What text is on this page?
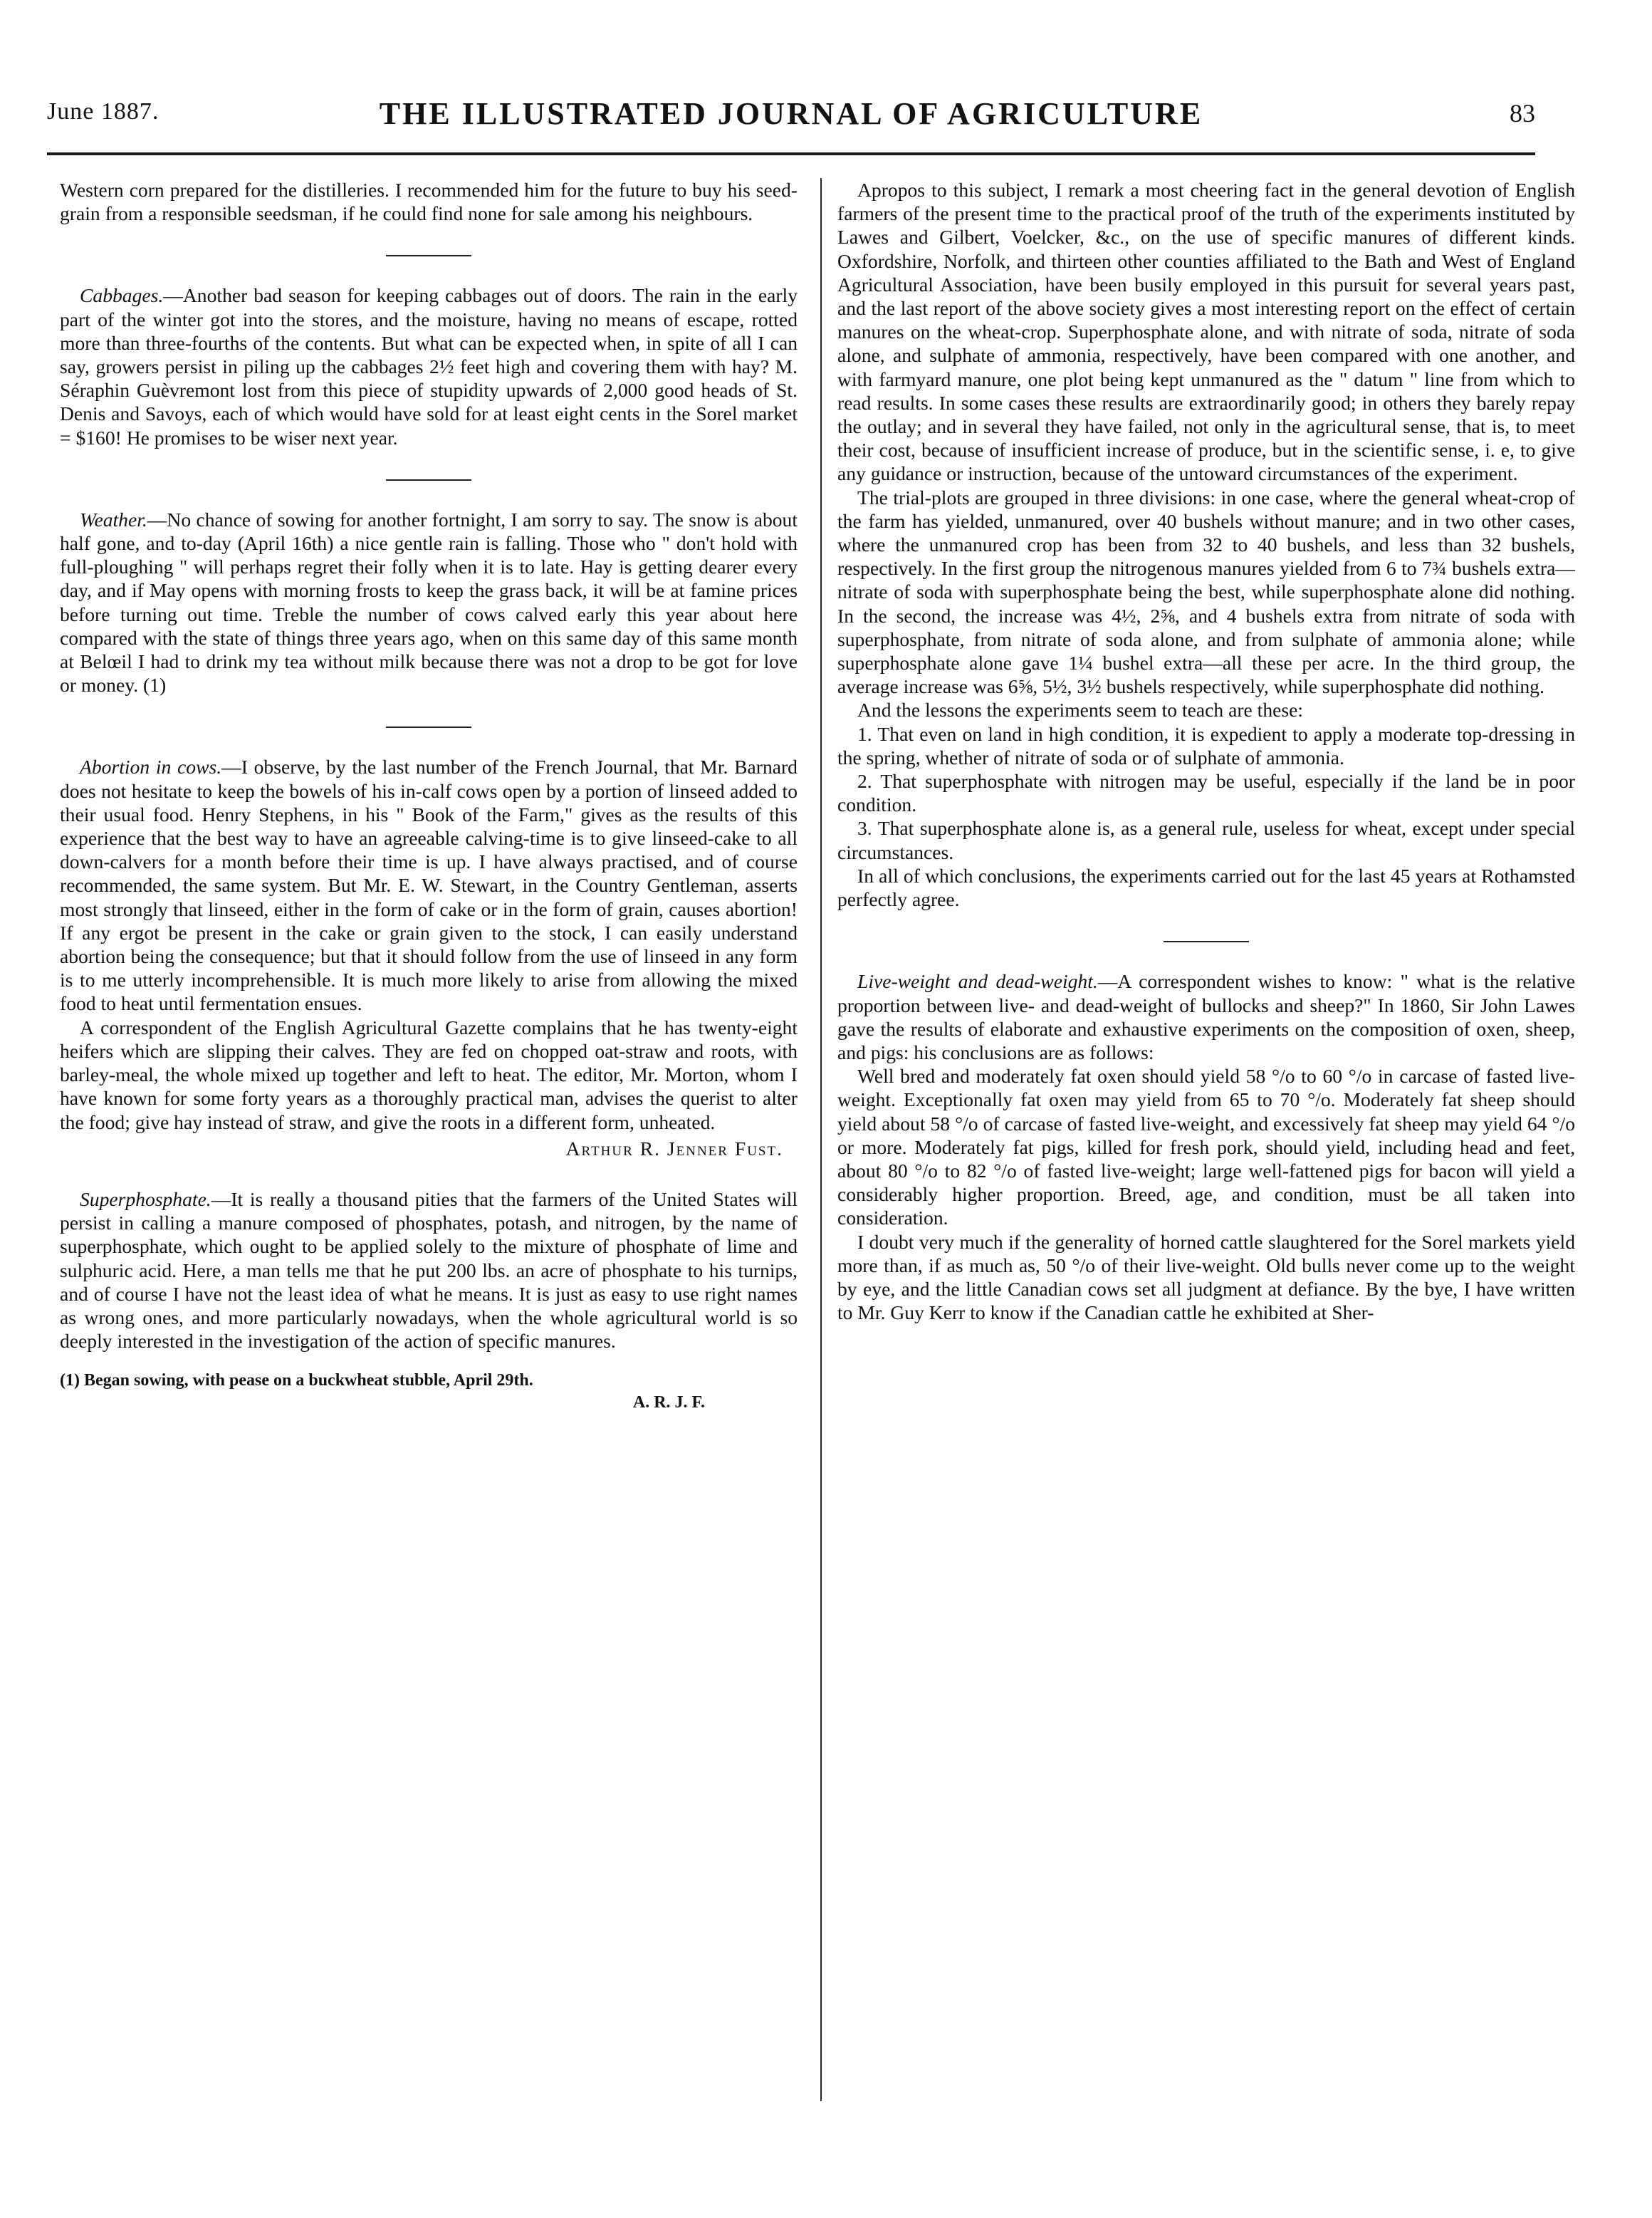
June 1887.	THE ILLUSTRATED JOURNAL OF AGRICULTURE	83

Western corn prepared for the distilleries. I recommended him for the future to buy his seed-grain from a responsible seedsman, if he could find none for sale among his neighbours.

Cabbages.—Another bad season for keeping cabbages out of doors. The rain in the early part of the winter got into the stores, and the moisture, having no means of escape, rotted more than three-fourths of the contents. But what can be expected when, in spite of all I can say, growers persist in piling up the cabbages 2½ feet high and covering them with hay? M. Séraphin Guèvremont lost from this piece of stupidity upwards of 2,000 good heads of St. Denis and Savoys, each of which would have sold for at least eight cents in the Sorel market = $160! He promises to be wiser next year.

Weather.—No chance of sowing for another fortnight, I am sorry to say. The snow is about half gone, and to-day (April 16th) a nice gentle rain is falling. Those who " don't hold with full-ploughing " will perhaps regret their folly when it is to late. Hay is getting dearer every day, and if May opens with morning frosts to keep the grass back, it will be at famine prices before turning out time. Treble the number of cows calved early this year about here compared with the state of things three years ago, when on this same day of this same month at Belœil I had to drink my tea without milk because there was not a drop to be got for love or money. (1)

Abortion in cows.—I observe, by the last number of the French Journal, that Mr. Barnard does not hesitate to keep the bowels of his in-calf cows open by a portion of linseed added to their usual food. Henry Stephens, in his " Book of the Farm," gives as the results of this experience that the best way to have an agreeable calving-time is to give linseed-cake to all down-calvers for a month before their time is up. I have always practised, and of course recommended, the same system. But Mr. E. W. Stewart, in the Country Gentleman, asserts most strongly that linseed, either in the form of cake or in the form of grain, causes abortion! If any ergot be present in the cake or grain given to the stock, I can easily understand abortion being the consequence; but that it should follow from the use of linseed in any form is to me utterly incomprehensible. It is much more likely to arise from allowing the mixed food to heat until fermentation ensues.

A correspondent of the English Agricultural Gazette complains that he has twenty-eight heifers which are slipping their calves. They are fed on chopped oat-straw and roots, with barley-meal, the whole mixed up together and left to heat. The editor, Mr. Morton, whom I have known for some forty years as a thoroughly practical man, advises the querist to alter the food; give hay instead of straw, and give the roots in a different form, unheated.

Arthur R. Jenner Fust.

Superphosphate.—It is really a thousand pities that the farmers of the United States will persist in calling a manure composed of phosphates, potash, and nitrogen, by the name of superphosphate, which ought to be applied solely to the mixture of phosphate of lime and sulphuric acid. Here, a man tells me that he put 200 lbs. an acre of phosphate to his turnips, and of course I have not the least idea of what he means. It is just as easy to use right names as wrong ones, and more particularly nowadays, when the whole agricultural world is so deeply interested in the investigation of the action of specific manures.

(1) Began sowing, with pease on a buckwheat stubble, April 29th.
A. R. J. F.

Apropos to this subject, I remark a most cheering fact in the general devotion of English farmers of the present time to the practical proof of the truth of the experiments instituted by Lawes and Gilbert, Voelcker, &c., on the use of specific manures of different kinds. Oxfordshire, Norfolk, and thirteen other counties affiliated to the Bath and West of England Agricultural Association, have been busily employed in this pursuit for several years past, and the last report of the above society gives a most interesting report on the effect of certain manures on the wheat-crop. Superphosphate alone, and with nitrate of soda, nitrate of soda alone, and sulphate of ammonia, respectively, have been compared with one another, and with farmyard manure, one plot being kept unmanured as the " datum " line from which to read results. In some cases these results are extraordinarily good; in others they barely repay the outlay; and in several they have failed, not only in the agricultural sense, that is, to meet their cost, because of insufficient increase of produce, but in the scientific sense, i. e, to give any guidance or instruction, because of the untoward circumstances of the experiment.

The trial-plots are grouped in three divisions: in one case, where the general wheat-crop of the farm has yielded, unmanured, over 40 bushels without manure; and in two other cases, where the unmanured crop has been from 32 to 40 bushels, and less than 32 bushels, respectively. In the first group the nitrogenous manures yielded from 6 to 7¾ bushels extra—nitrate of soda with superphosphate being the best, while superphosphate alone did nothing. In the second, the increase was 4½, 2⅝, and 4 bushels extra from nitrate of soda with superphosphate, from nitrate of soda alone, and from sulphate of ammonia alone; while superphosphate alone gave 1¼ bushel extra—all these per acre. In the third group, the average increase was 6⅝, 5½, 3½ bushels respectively, while superphosphate did nothing.

And the lessons the experiments seem to teach are these:

1. That even on land in high condition, it is expedient to apply a moderate top-dressing in the spring, whether of nitrate of soda or of sulphate of ammonia.

2. That superphosphate with nitrogen may be useful, especially if the land be in poor condition.

3. That superphosphate alone is, as a general rule, useless for wheat, except under special circumstances.

In all of which conclusions, the experiments carried out for the last 45 years at Rothamsted perfectly agree.

Live-weight and dead-weight.—A correspondent wishes to know: " what is the relative proportion between live- and dead-weight of bullocks and sheep?" In 1860, Sir John Lawes gave the results of elaborate and exhaustive experiments on the composition of oxen, sheep, and pigs: his conclusions are as follows:

Well bred and moderately fat oxen should yield 58 °/o to 60 °/o in carcase of fasted live-weight. Exceptionally fat oxen may yield from 65 to 70 °/o. Moderately fat sheep should yield about 58 °/o of carcase of fasted live-weight, and excessively fat sheep may yield 64 °/o or more. Moderately fat pigs, killed for fresh pork, should yield, including head and feet, about 80 °/o to 82 °/o of fasted live-weight; large well-fattened pigs for bacon will yield a considerably higher proportion. Breed, age, and condition, must be all taken into consideration.

I doubt very much if the generality of horned cattle slaughtered for the Sorel markets yield more than, if as much as, 50 °/o of their live-weight. Old bulls never come up to the weight by eye, and the little Canadian cows set all judgment at defiance. By the bye, I have written to Mr. Guy Kerr to know if the Canadian cattle he exhibited at Sher-
